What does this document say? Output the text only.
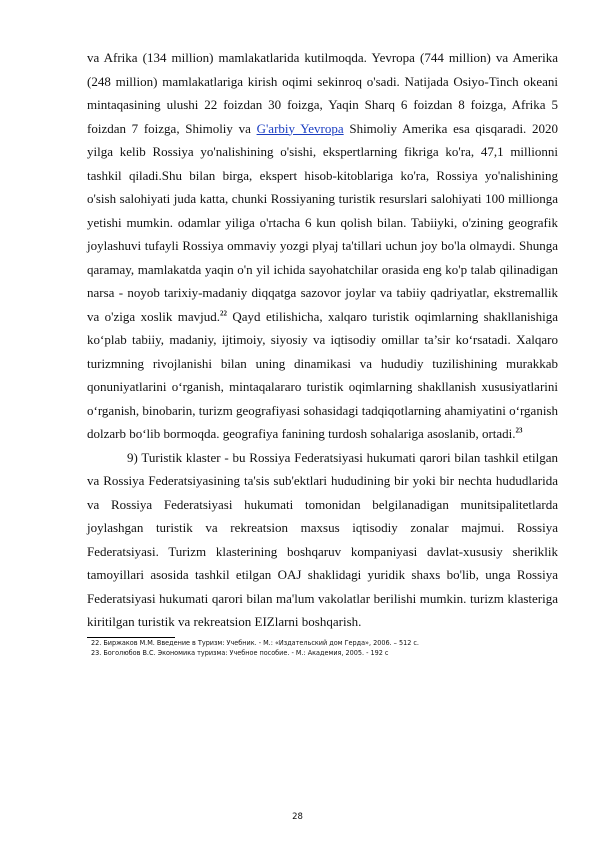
va Afrika (134 million) mamlakatlarida kutilmoqda. Yevropa (744 million) va Amerika (248 million) mamlakatlariga kirish oqimi sekinroq o'sadi. Natijada Osiyo-Tinch okeani mintaqasining ulushi 22 foizdan 30 foizga, Yaqin Sharq 6 foizdan 8 foizga, Afrika 5 foizdan 7 foizga, Shimoliy va G'arbiy Yevropa Shimoliy Amerika esa qisqaradi. 2020 yilga kelib Rossiya yo'nalishining o'sishi, ekspertlarning fikriga ko'ra, 47,1 millionni tashkil qiladi.Shu bilan birga, ekspert hisob-kitoblariga ko'ra, Rossiya yo'nalishining o'sish salohiyati juda katta, chunki Rossiyaning turistik resurslari salohiyati 100 millionga yetishi mumkin. odamlar yiliga o'rtacha 6 kun qolish bilan. Tabiiyki, o'zining geografik joylashuvi tufayli Rossiya ommaviy yozgi plyaj ta'tillari uchun joy bo'la olmaydi. Shunga qaramay, mamlakatda yaqin o'n yil ichida sayohatchilar orasida eng ko'p talab qilinadigan narsa - noyob tarixiy-madaniy diqqatga sazovor joylar va tabiiy qadriyatlar, ekstremallik va o'ziga xoslik mavjud.$^{22}$ Qayd etilishicha, xalqaro turistik oqimlarning shakllanishiga ko‘plab tabiiy, madaniy, ijtimoiy, siyosiy va iqtisodiy omillar ta’sir ko‘rsatadi. Xalqaro turizmning rivojlanishi bilan uning dinamikasi va hududiy tuzilishining murakkab qonuniyatlarini o‘rganish, mintaqalararo turistik oqimlarning shakllanish xususiyatlarini o‘rganish, binobarin, turizm geografiyasi sohasidagi tadqiqotlarning ahamiyatini o‘rganish dolzarb bo‘lib bormoqda. geografiya fanining turdosh sohalariga asoslanib, ortadi.$^{23}$

9) Turistik klaster - bu Rossiya Federatsiyasi hukumati qarori bilan tashkil etilgan va Rossiya Federatsiyasining ta'sis sub'ektlari hududining bir yoki bir nechta hududlarida va Rossiya Federatsiyasi hukumati tomonidan belgilanadigan munitsipalitetlarda joylashgan turistik va rekreatsion maxsus iqtisodiy zonalar majmui. Rossiya Federatsiyasi. Turizm klasterining boshqaruv kompaniyasi davlat-xususiy sheriklik tamoyillari asosida tashkil etilgan OAJ shaklidagi yuridik shaxs bo'lib, unga Rossiya Federatsiyasi hukumati qarori bilan ma'lum vakolatlar berilishi mumkin. turizm klasteriga kiritilgan turistik va rekreatsion EIZlarni boshqarish.

22. Биржаков М.М. Введение в Туризм: Учебник. - М.: «Издательский дом Герда», 2006. – 512 с.

23. Боголюбов В.С. Экономика туризма: Учебное пособие. - М.: Академия, 2005. - 192 с

28
